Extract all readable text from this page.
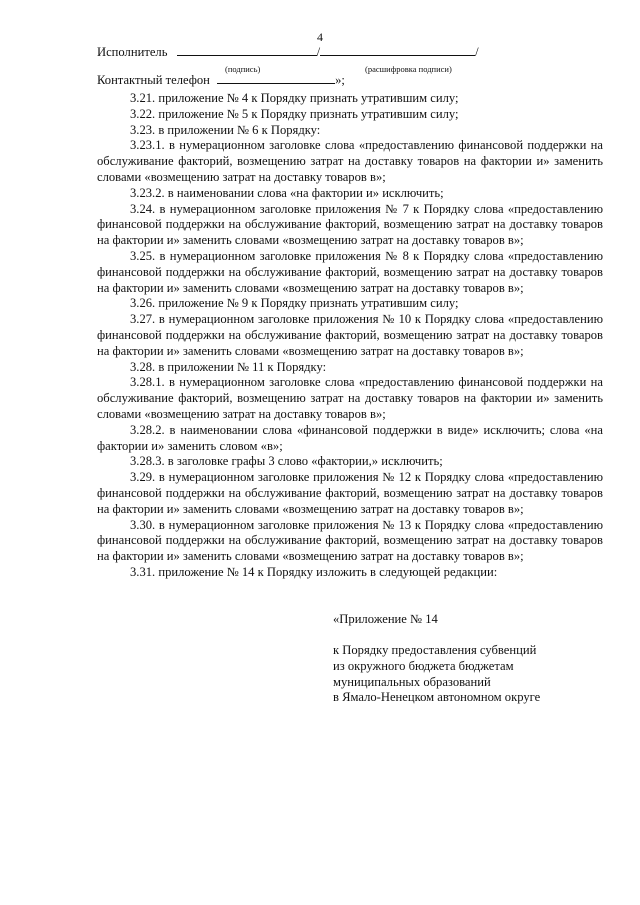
4
Исполнитель	/	/
Контактный телефон	»;
(подпись)	(расшифровка подписи)

3.21. приложение № 4 к Порядку признать утратившим силу;

3.22. приложение № 5 к Порядку признать утратившим силу;

3.23. в приложении № 6 к Порядку:

3.23.1. в нумерационном заголовке слова «предоставлению финансовой поддержки на обслуживание факторий, возмещению затрат на доставку товаров на фактории и» заменить словами «возмещению затрат на доставку товаров в»;

3.23.2. в наименовании слова «на фактории и» исключить;

3.24. в нумерационном заголовке приложения № 7 к Порядку слова «предоставлению финансовой поддержки на обслуживание факторий, возмещению затрат на доставку товаров на фактории и» заменить словами «возмещению затрат на доставку товаров в»;

3.25. в нумерационном заголовке приложения № 8 к Порядку слова «предоставлению финансовой поддержки на обслуживание факторий, возмещению затрат на доставку товаров на фактории и» заменить словами «возмещению затрат на доставку товаров в»;

3.26. приложение № 9 к Порядку признать утратившим силу;

3.27. в нумерационном заголовке приложения № 10 к Порядку слова «предоставлению финансовой поддержки на обслуживание факторий, возмещению затрат на доставку товаров на фактории и» заменить словами «возмещению затрат на доставку товаров в»;

3.28. в приложении № 11 к Порядку:

3.28.1. в нумерационном заголовке слова «предоставлению финансовой поддержки на обслуживание факторий, возмещению затрат на доставку товаров на фактории и» заменить словами «возмещению затрат на доставку товаров в»;

3.28.2. в наименовании слова «финансовой поддержки в виде» исключить; слова «на фактории и» заменить словом «в»;

3.28.3. в заголовке графы 3 слово «фактории,» исключить;

3.29. в нумерационном заголовке приложения № 12 к Порядку слова «предоставлению финансовой поддержки на обслуживание факторий, возмещению затрат на доставку товаров на фактории и» заменить словами «возмещению затрат на доставку товаров в»;

3.30. в нумерационном заголовке приложения № 13 к Порядку слова «предоставлению финансовой поддержки на обслуживание факторий, возмещению затрат на доставку товаров на фактории и» заменить словами «возмещению затрат на доставку товаров в»;

3.31. приложение № 14 к Порядку изложить в следующей редакции:

«Приложение № 14

к Порядку предоставления субвенций

из окружного бюджета бюджетам

муниципальных образований

в Ямало-Ненецком автономном округе
